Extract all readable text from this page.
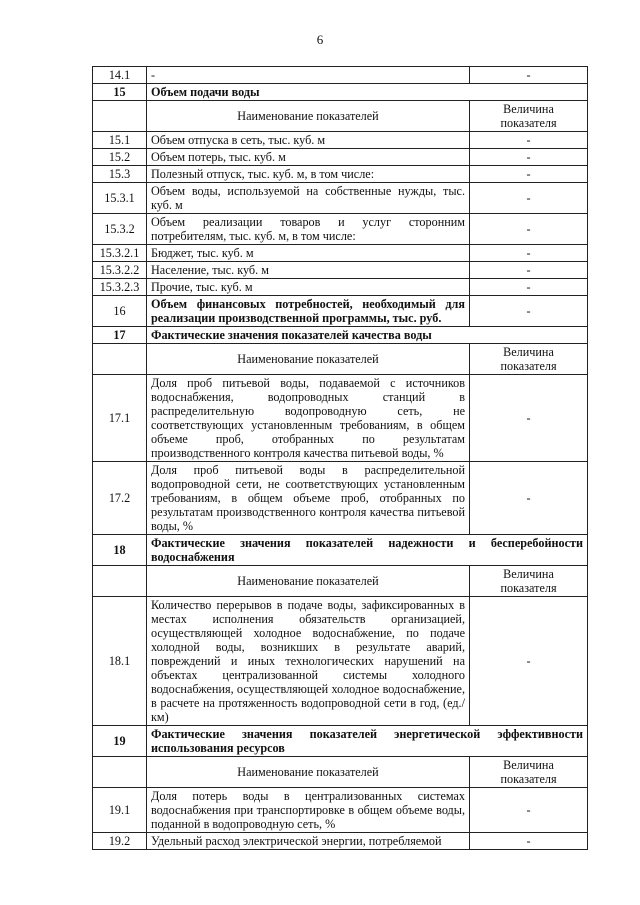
6
14.1	-	-
15	Объем подачи воды	
	Наименование показателей	Величина показателя
15.1	Объем отпуска в сеть, тыс. куб. м	-
15.2	Объем потерь, тыс. куб. м	-
15.3	Полезный отпуск, тыс. куб. м, в том числе:	-
15.3.1	Объем воды, используемой на собственные нужды, тыс. куб. м	-
15.3.2	Объем реализации товаров и услуг сторонним потребителям, тыс. куб. м, в том числе:	-
15.3.2.1	Бюджет, тыс. куб. м	-
15.3.2.2	Население, тыс. куб. м	-
15.3.2.3	Прочие, тыс. куб. м	-
16	Объем финансовых потребностей, необходимый для реализации производственной программы, тыс. руб.	-
17	Фактические значения показателей качества воды	
	Наименование показателей	Величина показателя
17.1	Доля проб питьевой воды, подаваемой с источников водоснабжения, водопроводных станций в распределительную водопроводную сеть, не соответствующих установленным требованиям, в общем объеме проб, отобранных по результатам производственного контроля качества питьевой воды, %	-
17.2	Доля проб питьевой воды в распределительной водопроводной сети, не соответствующих установленным требованиям, в общем объеме проб, отобранных по результатам производственного контроля качества питьевой воды, %	-
18	Фактические значения показателей надежности и бесперебойности водоснабжения	
	Наименование показателей	Величина показателя
18.1	Количество перерывов в подаче воды, зафиксированных в местах исполнения обязательств организацией, осуществляющей холодное водоснабжение, по подаче холодной воды, возникших в результате аварий, повреждений и иных технологических нарушений на объектах централизованной системы холодного водоснабжения, осуществляющей холодное водоснабжение, в расчете на протяженность водопроводной сети в год, (ед./км)	-
19	Фактические значения показателей энергетической эффективности использования ресурсов	
	Наименование показателей	Величина показателя
19.1	Доля потерь воды в централизованных системах водоснабжения при транспортировке в общем объеме воды, поданной в водопроводную сеть, %	-
19.2	Удельный расход электрической энергии, потребляемой	-
